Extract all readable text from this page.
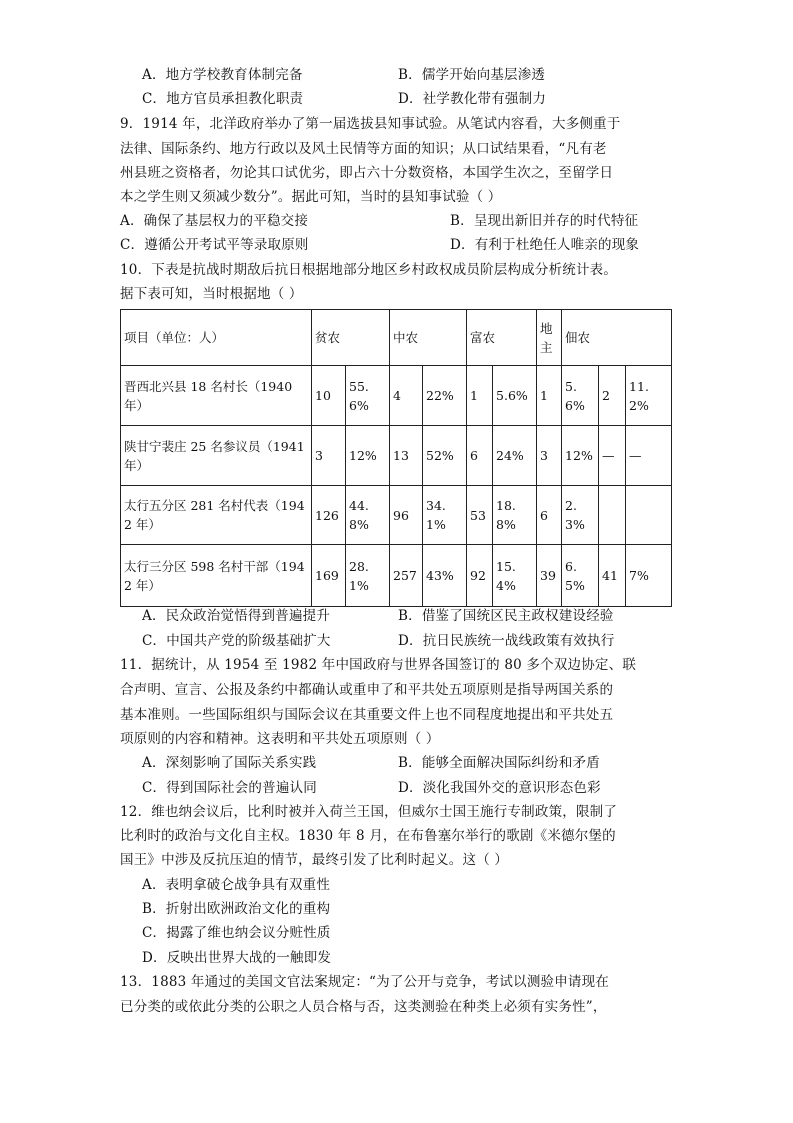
A．地方学校教育体制完备	B．儒学开始向基层渗透
C．地方官员承担教化职责	D．社学教化带有强制力
9．1914 年，北洋政府举办了第一届选拔县知事试验。从笔试内容看，大多侧重于
法律、国际条约、地方行政以及风土民情等方面的知识；从口试结果看，“凡有老
州县班之资格者，勿论其口试优劣，即占六十分数资格，本国学生次之，至留学日
本之学生则又须减少数分”。据此可知，当时的县知事试验（ ）
A．确保了基层权力的平稳交接	B．呈现出新旧并存的时代特征
C．遵循公开考试平等录取原则	D．有利于杜绝任人唯亲的现象
10．下表是抗战时期敌后抗日根据地部分地区乡村政权成员阶层构成分析统计表。
据下表可知，当时根据地（ ）
项目（单位：人）	贫农		中农		富农		地主	佃农		
晋西北兴县 18 名村长（1940 年）	10	55.6%	4	22%	1	5.6%	1	5.6%	2	11.2%
陕甘宁裴庄 25 名参议员（1941 年）	3	12%	13	52%	6	24%	3	12%	—	—
太行五分区 281 名村代表（1942 年）	126	44.8%	96	34.1%	53	18.8%	6	2.3%		
太行三分区 598 名村干部（1942 年）	169	28.1%	257	43%	92	15.4%	39	6.5%	41	7%
A．民众政治觉悟得到普遍提升	B．借鉴了国统区民主政权建设经验
C．中国共产党的阶级基础扩大	D．抗日民族统一战线政策有效执行
11．据统计，从 1954 至 1982 年中国政府与世界各国签订的 80 多个双边协定、联
合声明、宣言、公报及条约中都确认或重申了和平共处五项原则是指导两国关系的
基本准则。一些国际组织与国际会议在其重要文件上也不同程度地提出和平共处五
项原则的内容和精神。这表明和平共处五项原则（ ）
A．深刻影响了国际关系实践	B．能够全面解决国际纠纷和矛盾
C．得到国际社会的普遍认同	D．淡化我国外交的意识形态色彩
12．维也纳会议后，比利时被并入荷兰王国，但威尔士国王施行专制政策，限制了
比利时的政治与文化自主权。1830 年 8 月，在布鲁塞尔举行的歌剧《米德尔堡的
国王》中涉及反抗压迫的情节，最终引发了比利时起义。这（ ）
A．表明拿破仑战争具有双重性
B．折射出欧洲政治文化的重构
C．揭露了维也纳会议分赃性质
D．反映出世界大战的一触即发
13．1883 年通过的美国文官法案规定：“为了公开与竞争，考试以测验申请现在
已分类的或依此分类的公职之人员合格与否，这类测验在种类上必须有实务性”，
